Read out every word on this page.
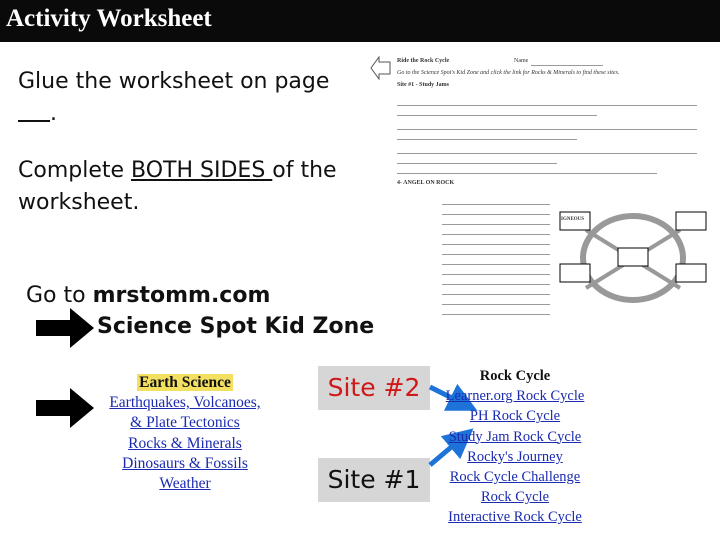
Activity Worksheet
Glue the worksheet on page
.
Complete BOTH SIDES of the worksheet.
Go to mrstomm.com
Science Spot Kid Zone
Earth Science
Earthquakes, Volcanoes,
& Plate Tectonics
Rocks & Minerals
Dinosaurs & Fossils
Weather
Site #2
Site #1
Rock Cycle
Learner.org Rock Cycle
PH Rock Cycle
Study Jam Rock Cycle
Rocky's Journey
Rock Cycle Challenge
Rock Cycle
Interactive Rock Cycle
Ride the Rock Cycle	Name
Go to the Science Spot's Kid Zone and click the link for Rocks & Minerals to find these sites.
Site #1 - Study Jams
4- ANGEL ON ROCK
IGNEOUS
